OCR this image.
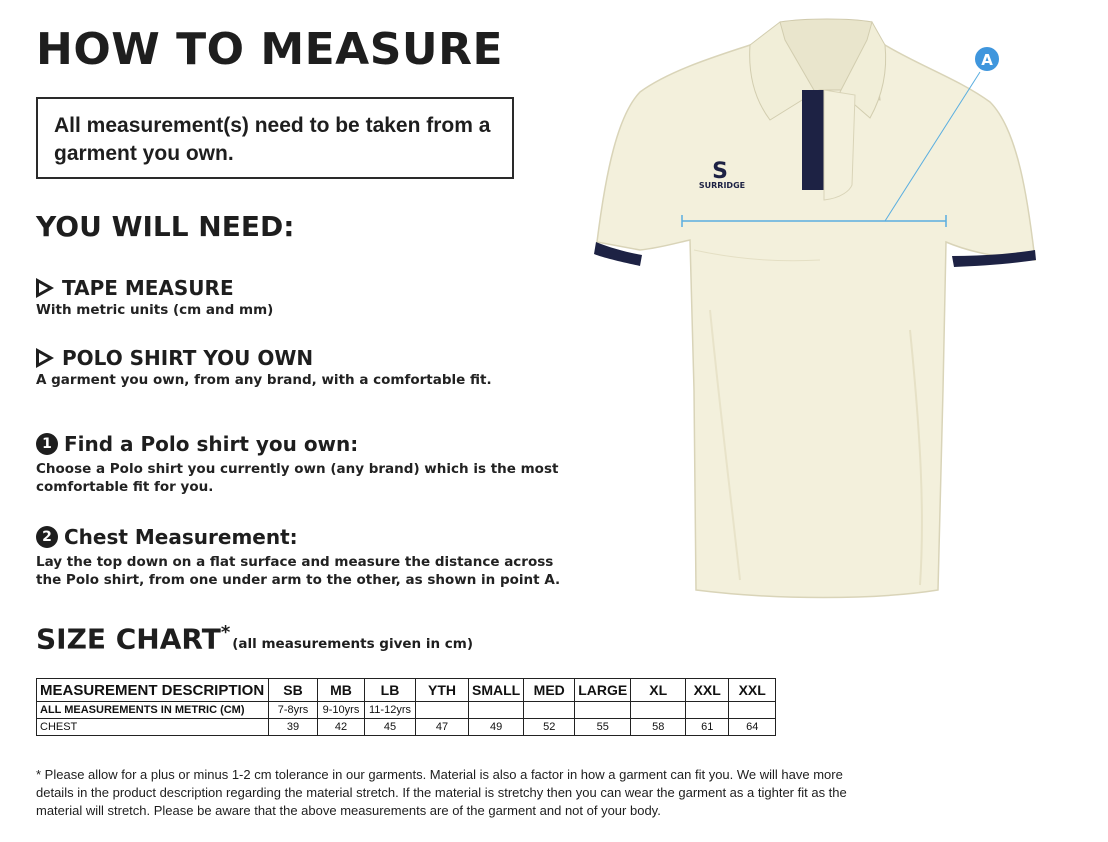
HOW TO MEASURE
All measurement(s) need to be taken from a garment you own.
YOU WILL NEED:
TAPE MEASURE
With metric units (cm and mm)
POLO SHIRT YOU OWN
A garment you own, from any brand, with a comfortable fit.
1 Find a Polo shirt you own:
Choose a Polo shirt you currently own (any brand) which is the most comfortable fit for you.
2 Chest Measurement:
Lay the top down on a flat surface and measure the distance across the Polo shirt, from one under arm to the other, as shown in point A.
SIZE CHART*(all measurements given in cm)
MEASUREMENT DESCRIPTION	SB	MB	LB	YTH	SMALL	MED	LARGE	XL	XXL	XXL
ALL MEASUREMENTS IN METRIC (CM)	7-8yrs	9-10yrs	11-12yrs							
CHEST	39	42	45	47	49	52	55	58	61	64
* Please allow for a plus or minus 1-2 cm tolerance in our garments. Material is also a factor in how a garment can fit you. We will have more details in the product description regarding the material stretch. If the material is stretchy then you can wear the garment as a tighter fit as the material will stretch. Please be aware that the above measurements are of the garment and not of your body.
S
SURRIDGE
A
